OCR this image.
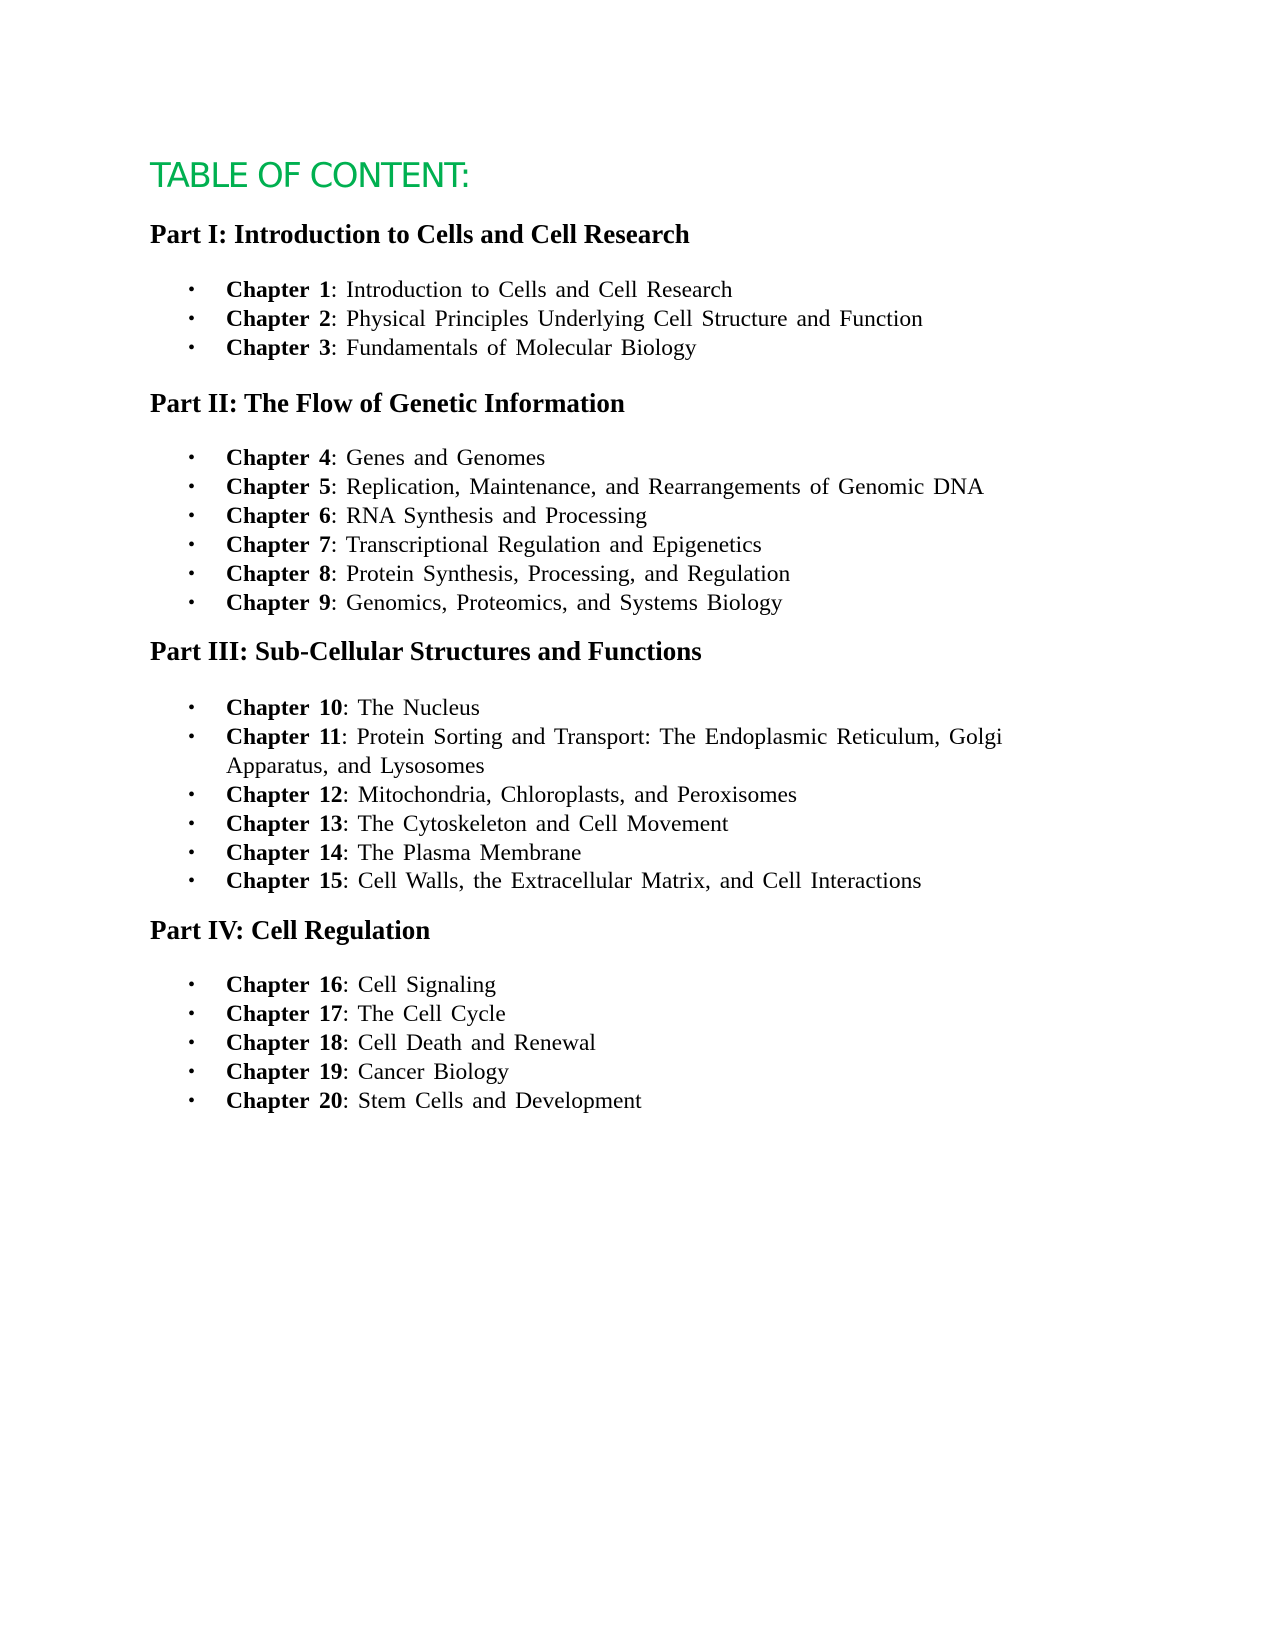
TABLE OF CONTENT:
Part I: Introduction to Cells and Cell Research
• Chapter 1: Introduction to Cells and Cell Research
• Chapter 2: Physical Principles Underlying Cell Structure and Function
• Chapter 3: Fundamentals of Molecular Biology
Part II: The Flow of Genetic Information
• Chapter 4: Genes and Genomes
• Chapter 5: Replication, Maintenance, and Rearrangements of Genomic DNA
• Chapter 6: RNA Synthesis and Processing
• Chapter 7: Transcriptional Regulation and Epigenetics
• Chapter 8: Protein Synthesis, Processing, and Regulation
• Chapter 9: Genomics, Proteomics, and Systems Biology
Part III: Sub-Cellular Structures and Functions
• Chapter 10: The Nucleus
• Chapter 11: Protein Sorting and Transport: The Endoplasmic Reticulum, Golgi Apparatus, and Lysosomes
• Chapter 12: Mitochondria, Chloroplasts, and Peroxisomes
• Chapter 13: The Cytoskeleton and Cell Movement
• Chapter 14: The Plasma Membrane
• Chapter 15: Cell Walls, the Extracellular Matrix, and Cell Interactions
Part IV: Cell Regulation
• Chapter 16: Cell Signaling
• Chapter 17: The Cell Cycle
• Chapter 18: Cell Death and Renewal
• Chapter 19: Cancer Biology
• Chapter 20: Stem Cells and Development
